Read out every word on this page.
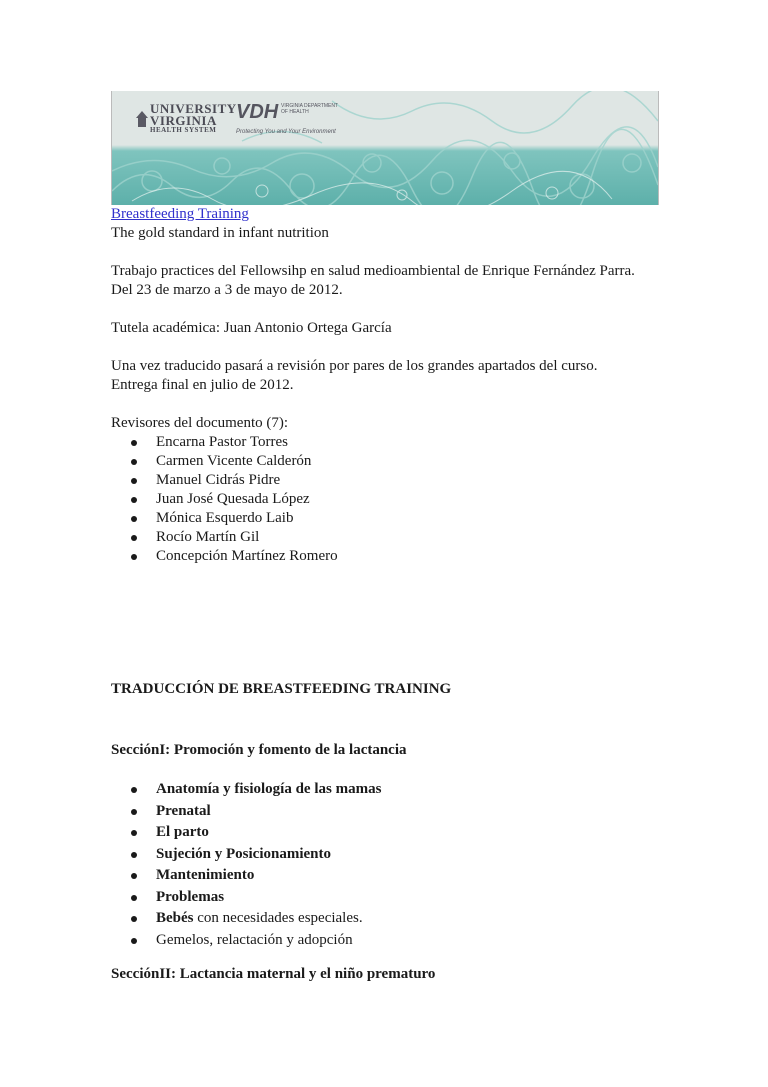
UNIVERSITY
VIRGINIA
HEALTH SYSTEM
VDH VIRGINIA DEPARTMENT OF HEALTH
Protecting You and Your Environment
Breastfeeding Training

The gold standard in infant nutrition

Trabajo practices del Fellowsihp en salud medioambiental de Enrique Fernández Parra.

Del 23 de marzo a 3 de mayo de 2012.

Tutela académica: Juan Antonio Ortega García

Una vez traducido pasará a revisión por pares de los grandes apartados del curso.

Entrega final en julio de 2012.

Revisores del documento (7):

Encarna Pastor Torres
Carmen Vicente Calderón
Manuel Cidrás Pidre
Juan José Quesada López
Mónica Esquerdo Laib
Rocío Martín Gil
Concepción Martínez Romero

TRADUCCIÓN DE BREASTFEEDING TRAINING

SecciónI: Promoción y fomento de la lactancia

Anatomía y fisiología de las mamas
Prenatal
El parto
Sujeción y Posicionamiento
Mantenimiento
Problemas
Bebés con necesidades especiales.
Gemelos, relactación y adopción

SecciónII: Lactancia maternal y el niño prematuro
